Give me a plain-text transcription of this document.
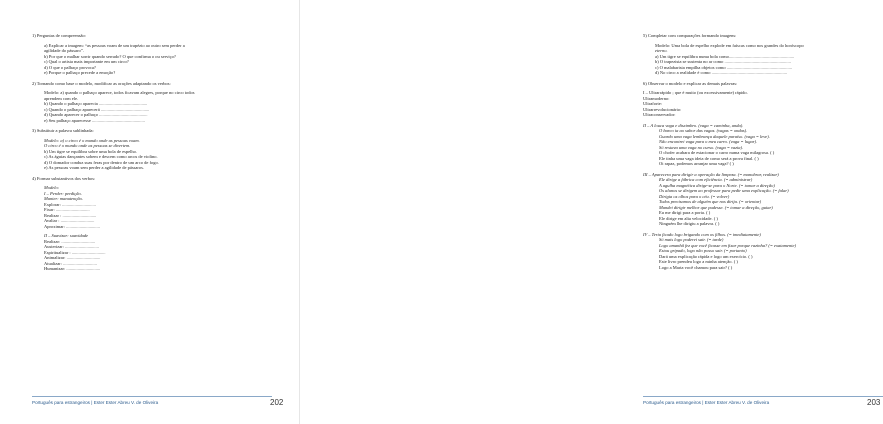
1) Perguntas de compreensão:
a) Explicar a imagem: “as pessoas voam de um trapézio ao outro sem perder a
agilidade do pássaro”.
b) Por que o malhar sorrir quando serrado? O que confirma o ou serviço?
c) Qual o artista mais importante em um circo?
d) O que o palhaço provoca?
e) Porque o palhaço precede a emoção?
2) Tornando como base o modelo, modificar as orações adaptando os verbos:
Modelo: a) quando o palhaço aparece, todos ficavam alegres, porque no circo todos
aprendem com ele.
b) Quando o palhaço aparecia ...........................................
c) Quando o palhaço aparecerá ...........................................
d) Quando aparecer o palhaço ...........................................
e) Seu palhaço aparecesse ...............................................
3) Substituir a palavra sublinhada:
Modelo: a) o circo é o mundo onde as pessoas voam.
O circo é o mundo onde as pessoas se divertem.
b) Um tigre se equilibra sobre uma bola de espelho.
c) As águias dançantes sobem e descem como arcos de violino.
d) O domador conduz suas feras por dentro de um arco de fogo.
e) As pessoas voam sem perder a agilidade de pássaros.
4) Formar substantivos dos verbos:
Modelo:
I – Perder: perdição.
Manter: manutenção.
Explorar: ..............................
Fixar: ..............................
Realizar : ..............................
Avaliar : ..............................
Aproximar: ..............................
II – Suavizar: suavidade
Realizar: ..............................
Austerizar: ..............................
Espiritualizar : ..............................
Animalizar: ..............................
Atualizar: ..............................
Humanizar: ..............................
Português para estrangeiros | Ester Ester Abreu V. de Oliveira	202
5) Completar com comparações formando imagens:
Modelo: Uma bola de espelho explode em faíscas como nos grandes do horóscopo
eterno.
a) Um tigre se equilibra numa bola como..........................................................
b) O trapezista se sustenta no ar como ...........................................................
c) O malabarista empilha objetos como ..........................................................
d) No circo a realidade é como ...................................................................
6) Observar o modelo e explicar as demais palavras:
I – Ultrarrápido ; que é muito (ou excessivamente) rápido.
Ultramoderno:
Ultraforte:
Ultrarrevolucionário:
Ultraconservador:
II – A louca vaga e disximbro. (vaga = caminha, anda).
O barco ia ao sabor das vagas. (vagas = ondas).
Guardo uma vaga lembrança daquele paraíso. (vaga = leve).
Não encontrei vaga para o meu carro. (vaga = lugar).
Só restava uma vaga no curso. (vaga = vazia).
O chofer acabara de estacionar o carro numa vaga milagrosa. ( )
Ele tinha uma vaga ideia de como será a prova final. ( )
Oi rapaz, podemos arranjar uma vaga? ( )
III – Aparecera para dirigir a operação da limpeza. (= manobrar, realizar)
Ele dirige a fábrica com eficiência. (= administrar)
A agulha magnética dirige-se para o Norte. (= tomar a direção)
Os alunos se dirigem ao professor para pedir uma explicação. (= falar)
Dirigia os olhos para o céu. (= volver)
Todos precisamos de alguém que nos dirija. (= orientar)
Mandei dirigir melhor que pudesse. (= tomar a direção, guiar)
Eu me dirigi para a porta. ( )
Ele dirige em alta velocidade. ( )
Ninguém lhe dirigiu a palavra. ( )
IV – Teria ficado logo brigando com os filhos. (= imediatamente)
Só mais logo poderei sair. (= tarde)
Logo amanhã fez que você ficasse em fixar porque razinha? (= exatamente)
Estou gripado, logo não posso sair. (= portanto)
Dará uma explicação rápida e logo um exercício. ( )
Este livro prendeu logo a minha atenção. ( )
Logo a Maria você chamou para sair? ( )
Português para estrangeiros | Ester Ester Abreu V. de Oliveira	203
